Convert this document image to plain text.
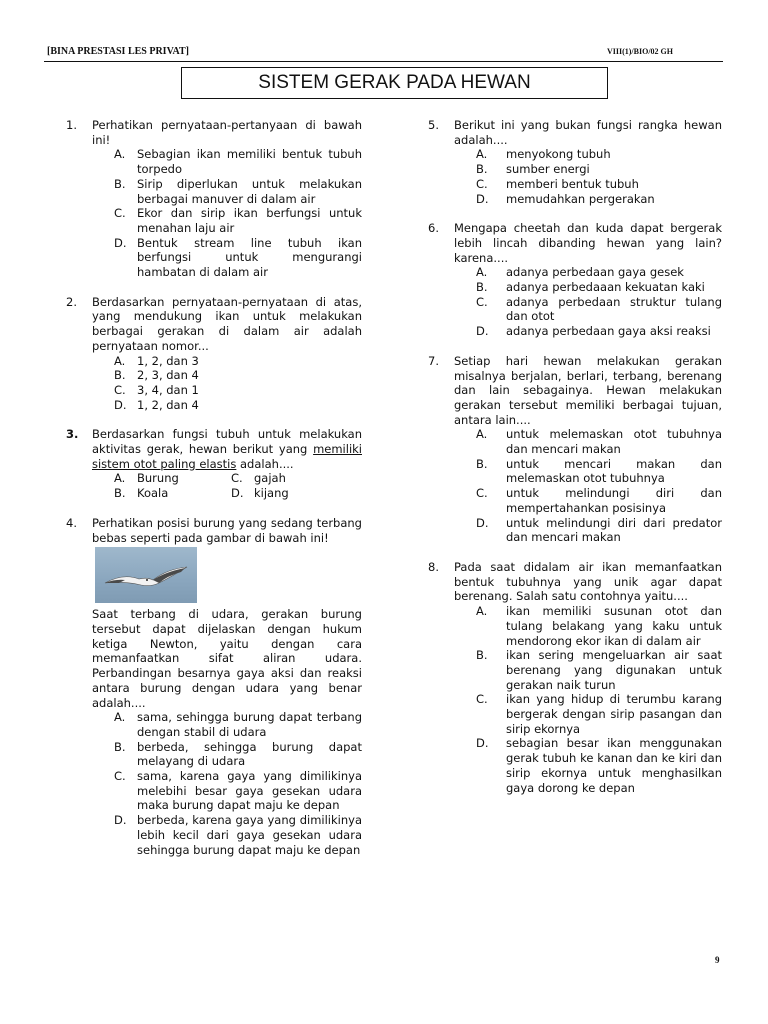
[BINA PRESTASI LES PRIVAT]	VIII(1)/BIO/02 GH
SISTEM GERAK PADA HEWAN
1.	Perhatikan pernyataan-pertanyaan di bawah ini!
A.	Sebagian ikan memiliki bentuk tubuh torpedo
B. Sirip diperlukan untuk melakukan berbagai manuver di dalam air
C. Ekor dan sirip ikan berfungsi untuk menahan laju air
D. Bentuk stream line tubuh ikan berfungsi untuk mengurangi hambatan di dalam air
2.	Berdasarkan pernyataan-pernyataan di atas, yang mendukung ikan untuk melakukan berbagai gerakan di dalam air adalah pernyataan nomor...
A.	1, 2, dan 3
B. 2, 3, dan 4
C. 3, 4, dan 1
D. 1, 2, dan 4
3.	Berdasarkan fungsi tubuh untuk melakukan aktivitas gerak, hewan berikut yang memiliki sistem otot paling elastis adalah....
A. Burung	C. gajah
B. Koala	D. kijang
4.	Perhatikan posisi burung yang sedang terbang bebas seperti pada gambar di bawah ini!
Saat terbang di udara, gerakan burung tersebut dapat dijelaskan dengan hukum ketiga Newton, yaitu dengan cara memanfaatkan sifat aliran udara. Perbandingan besarnya gaya aksi dan reaksi antara burung dengan udara yang benar adalah....
A.	sama, sehingga burung dapat terbang dengan stabil di udara
B. berbeda, sehingga burung dapat melayang di udara
C. sama, karena gaya yang dimilikinya melebihi besar gaya gesekan udara maka burung dapat maju ke depan
D. berbeda, karena gaya yang dimilikinya lebih kecil dari gaya gesekan udara sehingga burung dapat maju ke depan
5.	Berikut ini yang bukan fungsi rangka hewan adalah....
A.	menyokong tubuh
B.	sumber energi
C.	memberi bentuk tubuh
D.	memudahkan pergerakan
6.	Mengapa cheetah dan kuda dapat bergerak lebih lincah dibanding hewan yang lain? karena....
A.	adanya perbedaan gaya gesek
B.	adanya perbedaaan kekuatan kaki
C.	adanya perbedaan struktur tulang dan otot
D.	adanya perbedaan gaya aksi reaksi
7.	Setiap hari hewan melakukan gerakan misalnya berjalan, berlari, terbang, berenang dan lain sebagainya. Hewan melakukan gerakan tersebut memiliki berbagai tujuan, antara lain....
A.	untuk melemaskan otot tubuhnya dan mencari makan
B.	untuk mencari makan dan melemaskan otot tubuhnya
C.	untuk melindungi diri dan mempertahankan posisinya
D.	untuk melindungi diri dari predator dan mencari makan
8.	Pada saat didalam air ikan memanfaatkan bentuk tubuhnya yang unik agar dapat berenang. Salah satu contohnya yaitu....
A.	ikan memiliki susunan otot dan tulang belakang yang kaku untuk mendorong ekor ikan di dalam air
B.	ikan sering mengeluarkan air saat berenang yang digunakan untuk gerakan naik turun
C.	ikan yang hidup di terumbu karang bergerak dengan sirip pasangan dan sirip ekornya
D.	sebagian besar ikan menggunakan gerak tubuh ke kanan dan ke kiri dan sirip ekornya untuk menghasilkan gaya dorong ke depan
9
